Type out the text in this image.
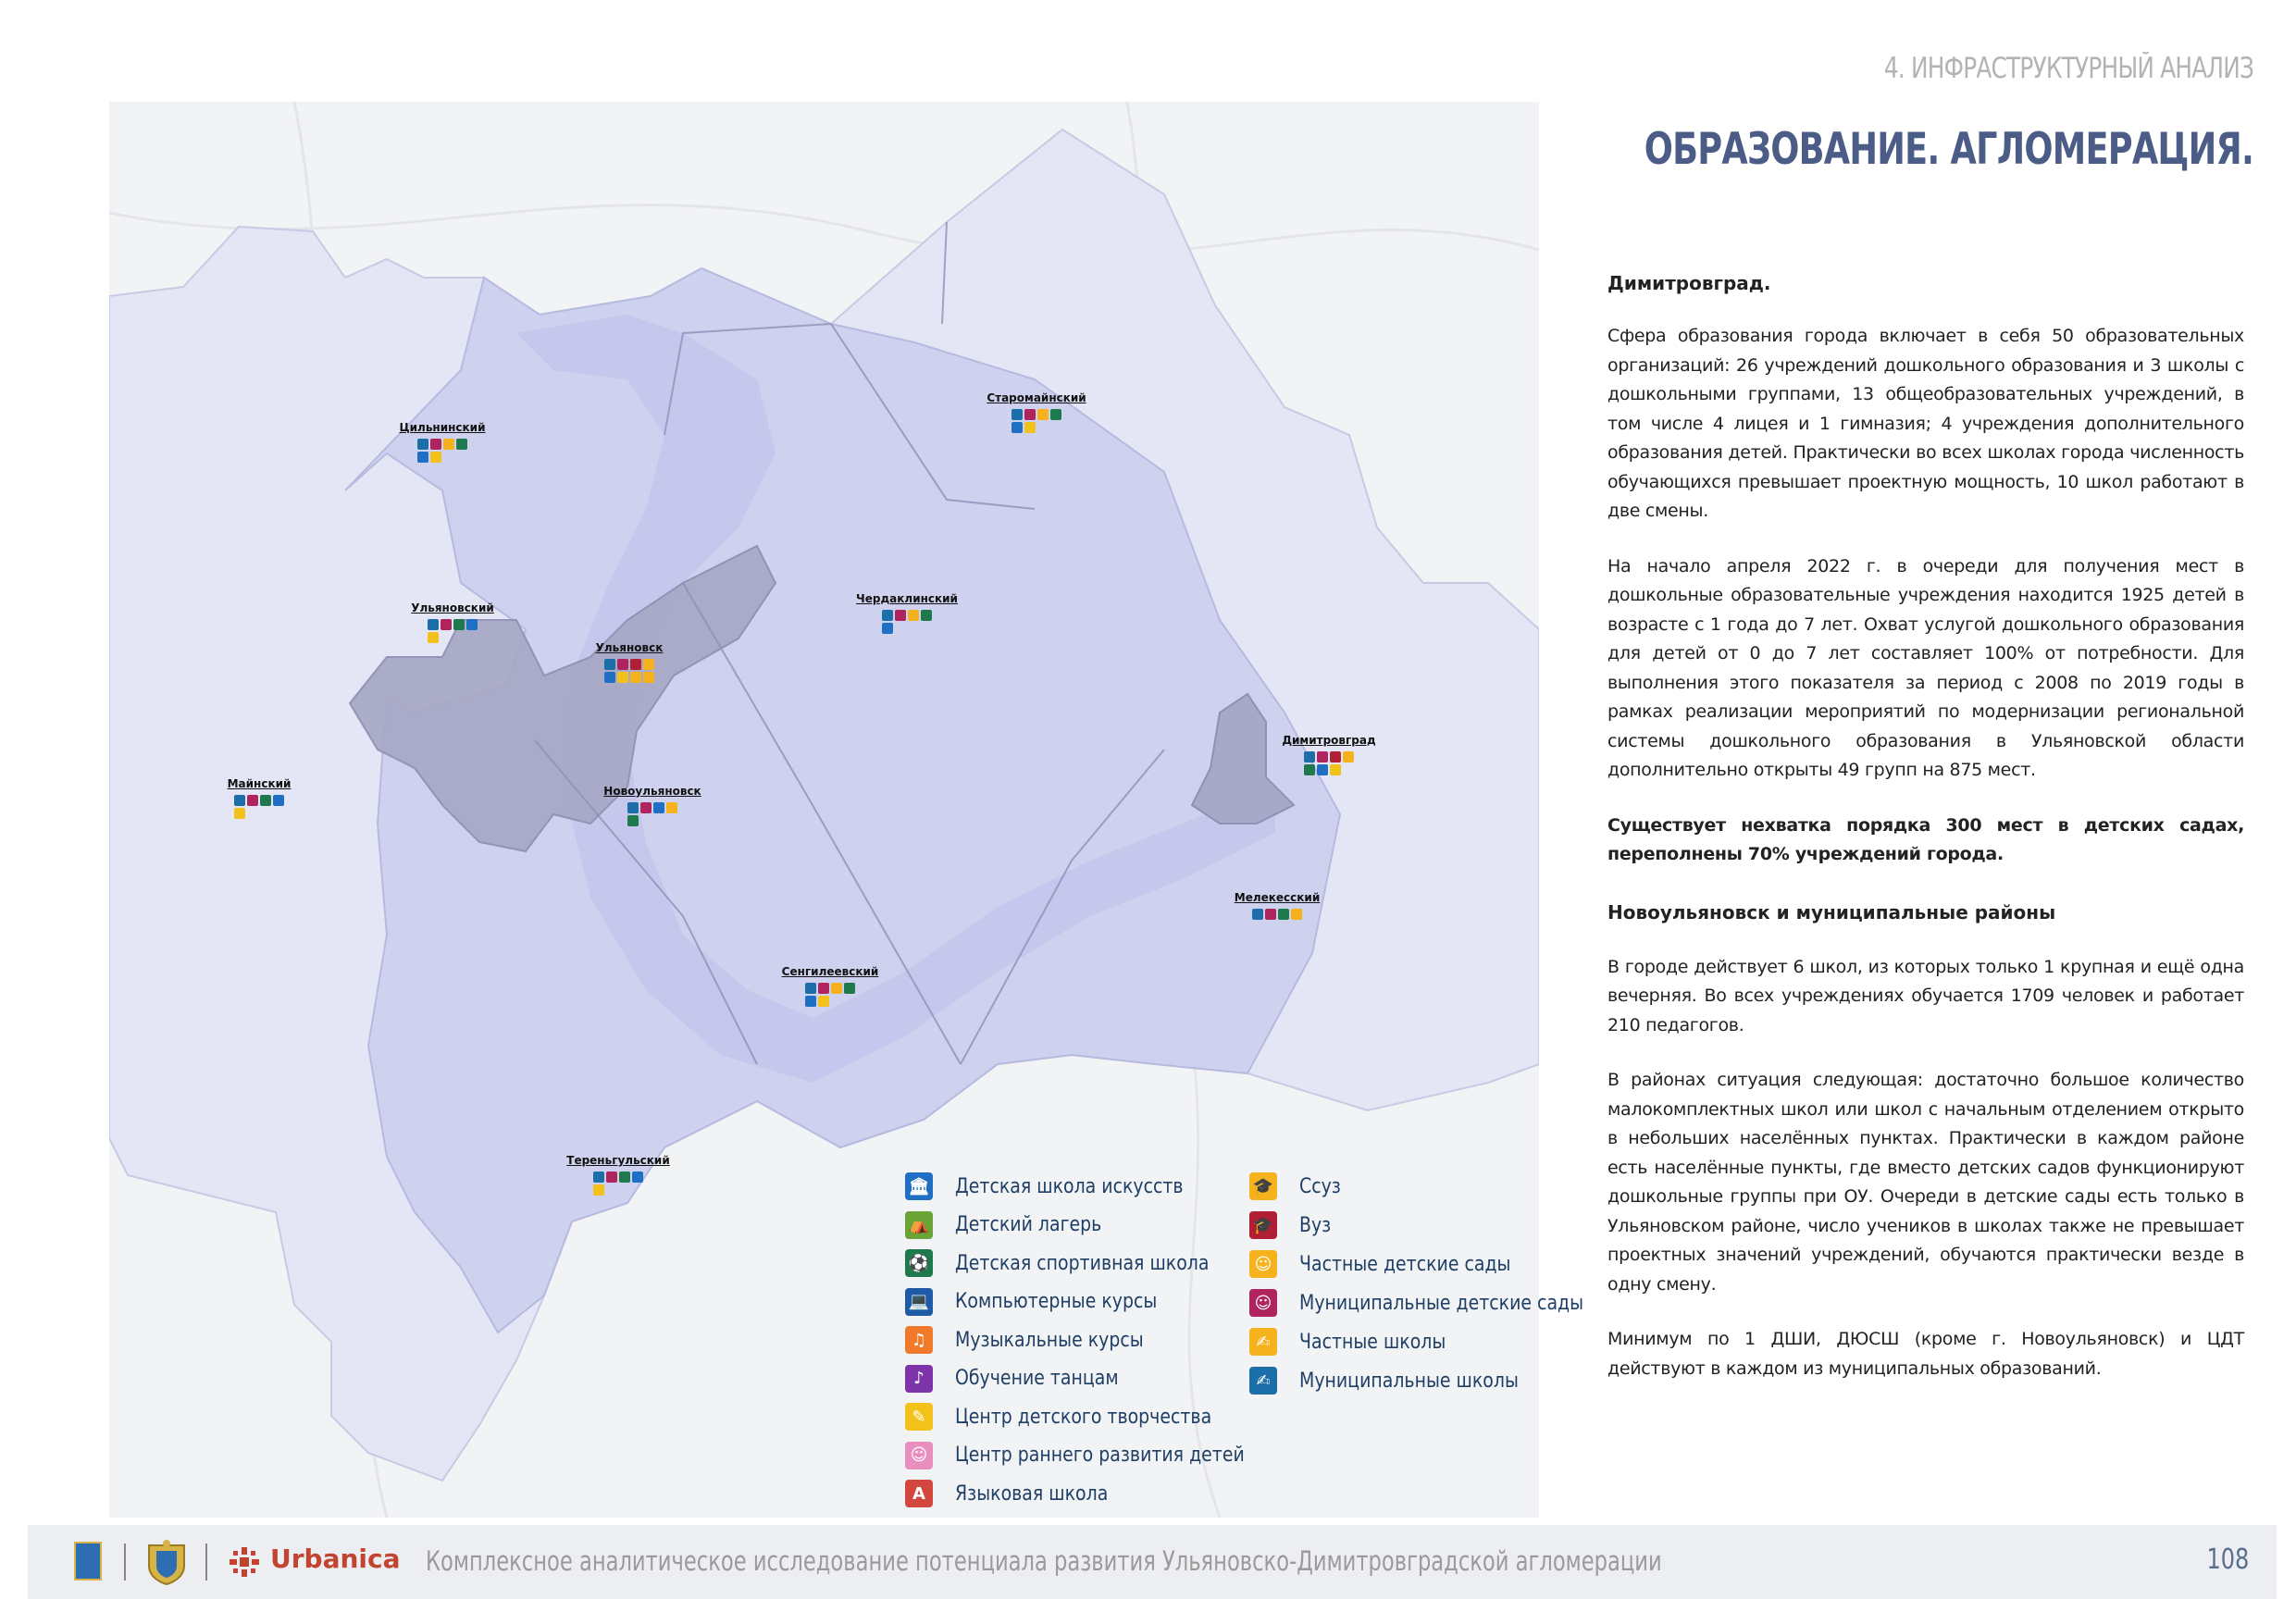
4. ИНФРАСТРУКТУРНЫЙ АНАЛИЗ
ОБРАЗОВАНИЕ. АГЛОМЕРАЦИЯ.
Цильнинский
Старомайнский
Ульяновский
Чердаклинский
Ульяновск
Майнский
Новоульяновск
Димитровград
Мелекесский
Сенгилеевский
Тереньгульский
🏛 Детская школа искусств
⛺ Детский лагерь
⚽ Детская спортивная школа
💻 Компьютерные курсы
♫	Музыкальные курсы
♪	Обучение танцам
✎	Центр детского творчества
☺ Центр раннего развития детей
A	Языковая школа
🎓 Ссуз
🎓 Вуз
☺ Частные детские сады
☺ Муниципальные детские сады
✍	Частные школы
✍	Муниципальные школы

Димитровград.

Сфера образования города включает в себя 50 образовательных организаций: 26 учреждений дошкольного образования и 3 школы с дошкольными группами, 13 общеобразовательных учреждений, в том числе 4 лицея и 1 гимназия; 4 учреждения дополнительного образования детей. Практически во всех школах города численность обучающихся превышает проектную мощность, 10 школ работают в две смены.

На начало апреля 2022 г. в очереди для получения мест в дошкольные образовательные учреждения находится 1925 детей в возрасте с 1 года до 7 лет. Охват услугой дошкольного образования для детей от 0 до 7 лет составляет 100% от потребности. Для выполнения этого показателя за период с 2008 по 2019 годы в рамках реализации мероприятий по модернизации региональной системы дошкольного образования в Ульяновской области дополнительно открыты 49 групп на 875 мест.

Существует нехватка порядка 300 мест в детских садах, переполнены 70% учреждений города.

Новоульяновск и муниципальные районы

В городе действует 6 школ, из которых только 1 крупная и ещё одна вечерняя. Во всех учреждениях обучается 1709 человек и работает 210 педагогов.

В районах ситуация следующая: достаточно большое количество малокомплектных школ или школ с начальным отделением открыто в небольших населённых пунктах. Практически в каждом районе есть населённые пункты, где вместо детских садов функционируют дошкольные группы при ОУ. Очереди в детские сады есть только в Ульяновском районе, число учеников в школах также не превышает проектных значений учреждений, обучаются практически везде в одну смену.

Минимум по 1 ДШИ, ДЮСШ (кроме г. Новоульяновск) и ЦДТ действуют в каждом из муниципальных образований.

Urbanica Комплексное аналитическое исследование потенциала развития Ульяновско-Димитровградской агломерации	108
